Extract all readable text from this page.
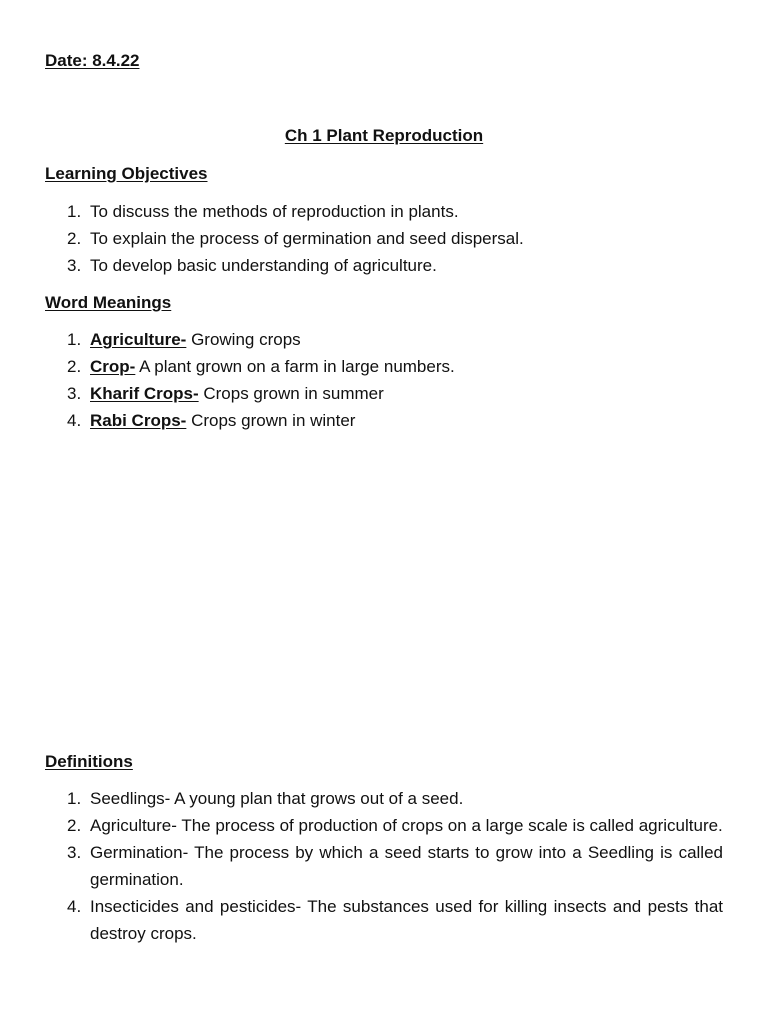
Date: 8.4.22
Ch 1 Plant Reproduction
Learning Objectives
1. To discuss the methods of reproduction in plants.
2. To explain the process of germination and seed dispersal.
3. To develop basic understanding of agriculture.
Word Meanings
1. Agriculture- Growing crops
2. Crop- A plant grown on a farm in large numbers.
3. Kharif Crops- Crops grown in summer
4. Rabi Crops- Crops grown in winter
Definitions
1. Seedlings- A young plan that grows out of a seed.
2. Agriculture- The process of production of crops on a large scale is called agriculture.
3. Germination- The process by which a seed starts to grow into a Seedling is called germination.
4. Insecticides and pesticides- The substances used for killing insects and pests that destroy crops.
